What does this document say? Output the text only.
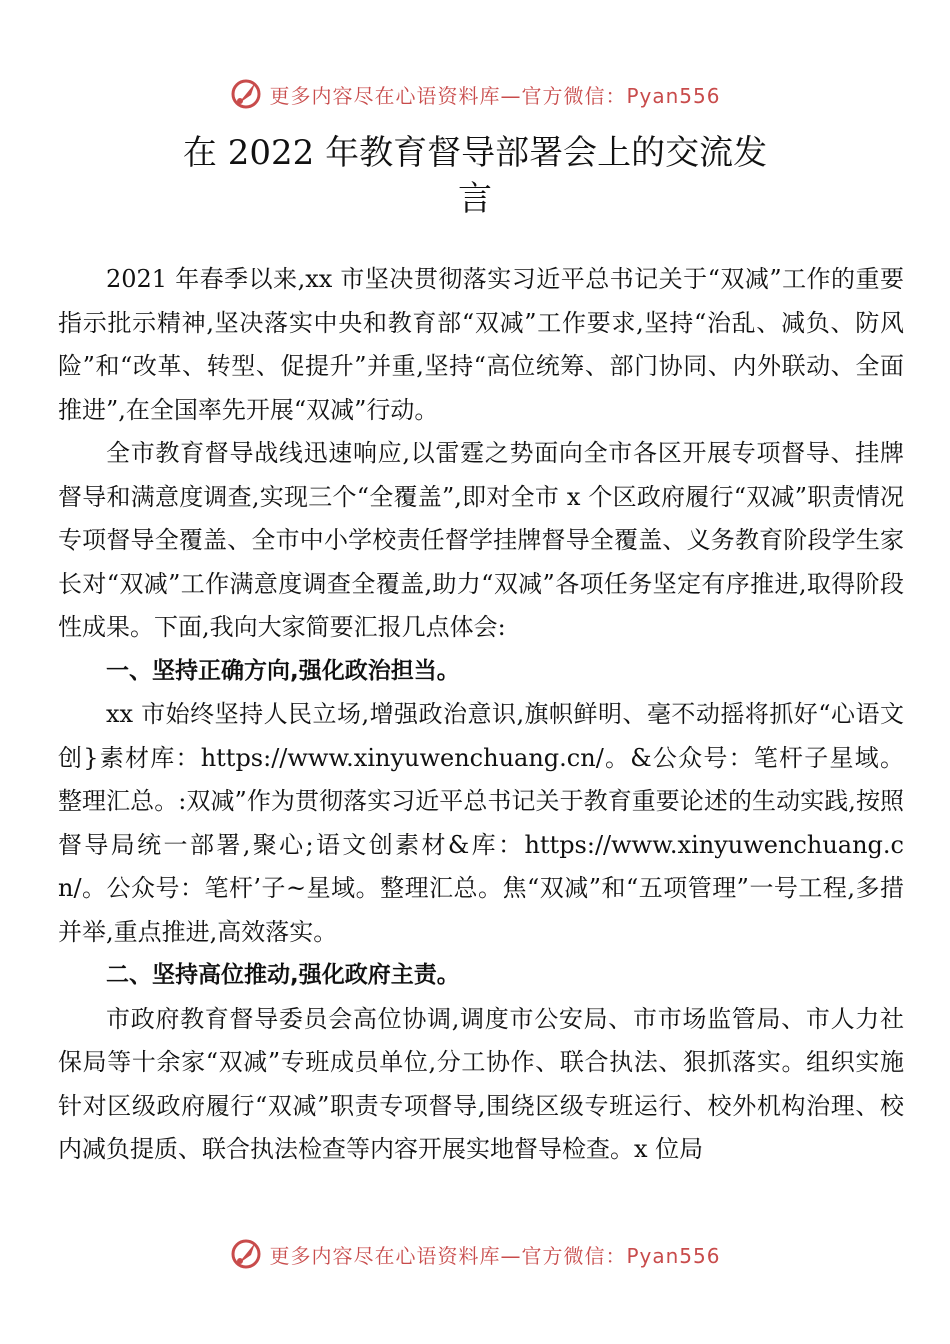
更多内容尽在心语资料库—官方微信：Pyan556
在 2022 年教育督导部署会上的交流发
言

2021 年春季以来,xx 市坚决贯彻落实习近平总书记关于“双减”工作的重要指示批示精神,坚决落实中央和教育部“双减”工作要求,坚持“治乱、减负、防风险”和“改革、转型、促提升”并重,坚持“高位统筹、部门协同、内外联动、全面推进”,在全国率先开展“双减”行动。

全市教育督导战线迅速响应,以雷霆之势面向全市各区开展专项督导、挂牌督导和满意度调查,实现三个“全覆盖”,即对全市 x 个区政府履行“双减”职责情况专项督导全覆盖、全市中小学校责任督学挂牌督导全覆盖、义务教育阶段学生家长对“双减”工作满意度调查全覆盖,助力“双减”各项任务坚定有序推进,取得阶段性成果。下面,我向大家简要汇报几点体会:

一、坚持正确方向,强化政治担当。

xx 市始终坚持人民立场,增强政治意识,旗帜鲜明、毫不动摇将抓好“心语文创}素材库：https://www.xinyuwenchuang.cn/。&公众号：笔杆子星域。整理汇总。:双减”作为贯彻落实习近平总书记关于教育重要论述的生动实践,按照督导局统一部署,聚心;语文创素材&库：https://www.xinyuwenchuang.cn/。公众号：笔杆’子~星域。整理汇总。焦“双减”和“五项管理”一号工程,多措并举,重点推进,高效落实。

二、坚持高位推动,强化政府主责。

市政府教育督导委员会高位协调,调度市公安局、市市场监管局、市人力社保局等十余家“双减”专班成员单位,分工协作、联合执法、狠抓落实。组织实施针对区级政府履行“双减”职责专项督导,围绕区级专班运行、校外机构治理、校内减负提质、联合执法检查等内容开展实地督导检查。x 位局

更多内容尽在心语资料库—官方微信：Pyan556
